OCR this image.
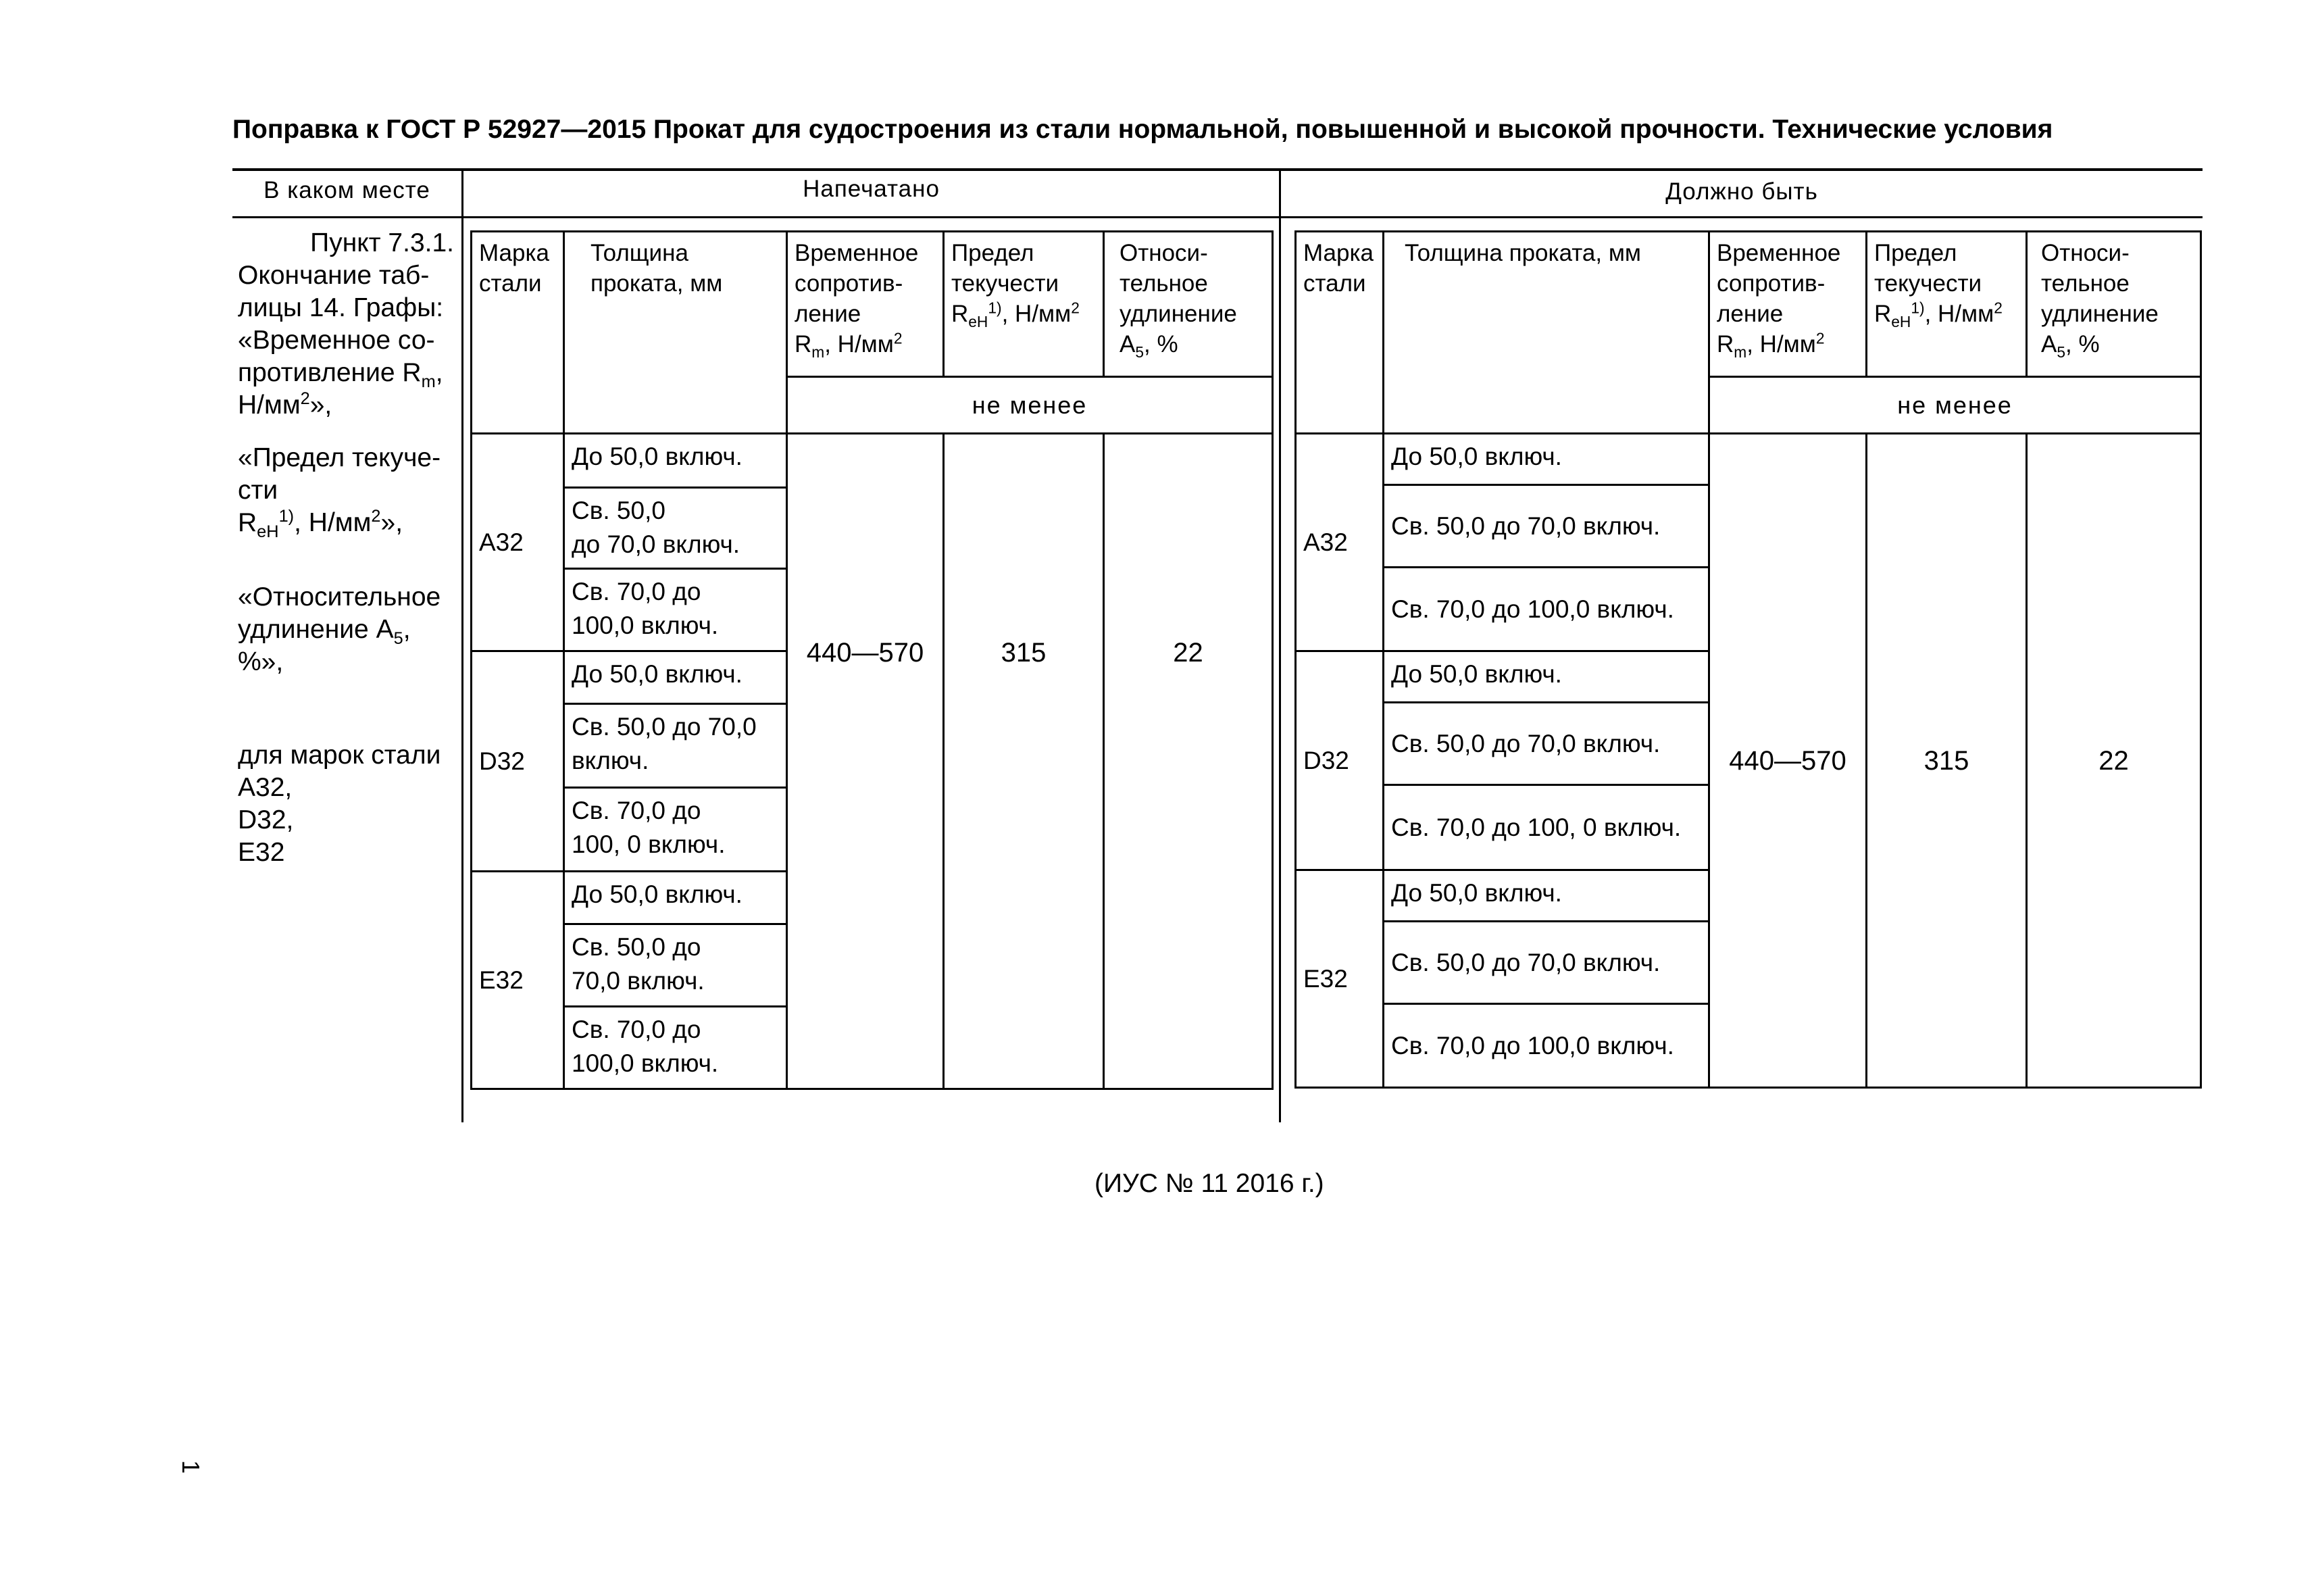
Поправка к ГОСТ Р 52927—2015 Прокат для судостроения из стали нормальной, повышенной и высокой прочности. Технические условия
В каком месте	Напечатано	Должно быть

Пункт 7.3.1.

Окончание таб-

лицы 14. Графы:

«Временное со-

противление $R_m$,

$Н/мм^2$»,

«Предел текуче-

сти

$R_{eH}^{1)}$, $Н/мм^2$»,

«Относительное

удлинение $A_5$,

%»,

для марок стали

А32,

D32,

Е32

Марка
стали	Толщина
проката, мм	Временное
сопротив-
ление
$R_m$, $Н/мм^2$	Предел
текучести
$R_{eH}^{1)}$, $Н/мм^2$	Относи-
тельное
удлинение
$A_5$, %
		не менее		
А32	До 50,0 включ.	440—570	315	22
	Св. 50,0
до 70,0 включ.			
	Св. 70,0 до
100,0 включ.			
D32	До 50,0 включ.			
	Св. 50,0 до 70,0
включ.			
	Св. 70,0 до
100, 0 включ.			
Е32	До 50,0 включ.			
	Св. 50,0 до
70,0 включ.			
	Св. 70,0 до
100,0 включ.			
Марка
стали	Толщина проката, мм	Временное
сопротив-
ление
$R_m$, $Н/мм^2$	Предел
текучести
$R_{eH}^{1)}$, $Н/мм^2$	Относи-
тельное
удлинение
$A_5$, %
		не менее		
А32	До 50,0 включ.	440—570	315	22
	Св. 50,0 до 70,0 включ.			
	Св. 70,0 до 100,0 включ.			
D32	До 50,0 включ.			
	Св. 50,0 до 70,0 включ.			
	Св. 70,0 до 100, 0 включ.			
Е32	До 50,0 включ.			
	Св. 50,0 до 70,0 включ.			
	Св. 70,0 до 100,0 включ.			
(ИУС № 11 2016 г.)
1
